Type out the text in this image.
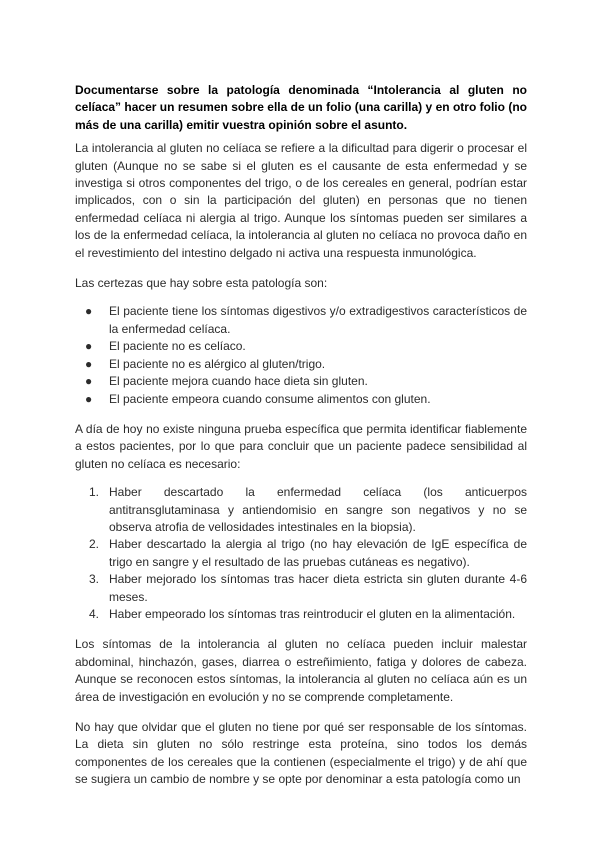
Documentarse sobre la patología denominada “Intolerancia al gluten no celíaca” hacer un resumen sobre ella de un folio (una carilla) y en otro folio (no más de una carilla) emitir vuestra opinión sobre el asunto.

La intolerancia al gluten no celíaca se refiere a la dificultad para digerir o procesar el gluten (Aunque no se sabe si el gluten es el causante de esta enfermedad y se investiga si otros componentes del trigo, o de los cereales en general, podrían estar implicados, con o sin la participación del gluten) en personas que no tienen enfermedad celíaca ni alergia al trigo. Aunque los síntomas pueden ser similares a los de la enfermedad celíaca, la intolerancia al gluten no celíaca no provoca daño en el revestimiento del intestino delgado ni activa una respuesta inmunológica.

Las certezas que hay sobre esta patología son:

● El paciente tiene los síntomas digestivos y/o extradigestivos característicos de la enfermedad celíaca.
● El paciente no es celíaco.
● El paciente no es alérgico al gluten/trigo.
● El paciente mejora cuando hace dieta sin gluten.
● El paciente empeora cuando consume alimentos con gluten.

A día de hoy no existe ninguna prueba específica que permita identificar fiablemente a estos pacientes, por lo que para concluir que un paciente padece sensibilidad al gluten no celíaca es necesario:

1. Haber descartado la enfermedad celíaca (los anticuerpos antitransglutaminasa y antiendomisio en sangre son negativos y no se observa atrofia de vellosidades intestinales en la biopsia).
2. Haber descartado la alergia al trigo (no hay elevación de IgE específica de trigo en sangre y el resultado de las pruebas cutáneas es negativo).
3. Haber mejorado los síntomas tras hacer dieta estricta sin gluten durante 4-6 meses.
4. Haber empeorado los síntomas tras reintroducir el gluten en la alimentación.

Los síntomas de la intolerancia al gluten no celíaca pueden incluir malestar abdominal, hinchazón, gases, diarrea o estreñimiento, fatiga y dolores de cabeza. Aunque se reconocen estos síntomas, la intolerancia al gluten no celíaca aún es un área de investigación en evolución y no se comprende completamente.

No hay que olvidar que el gluten no tiene por qué ser responsable de los síntomas. La dieta sin gluten no sólo restringe esta proteína, sino todos los demás componentes de los cereales que la contienen (especialmente el trigo) y de ahí que se sugiera un cambio de nombre y se opte por denominar a esta patología como un
